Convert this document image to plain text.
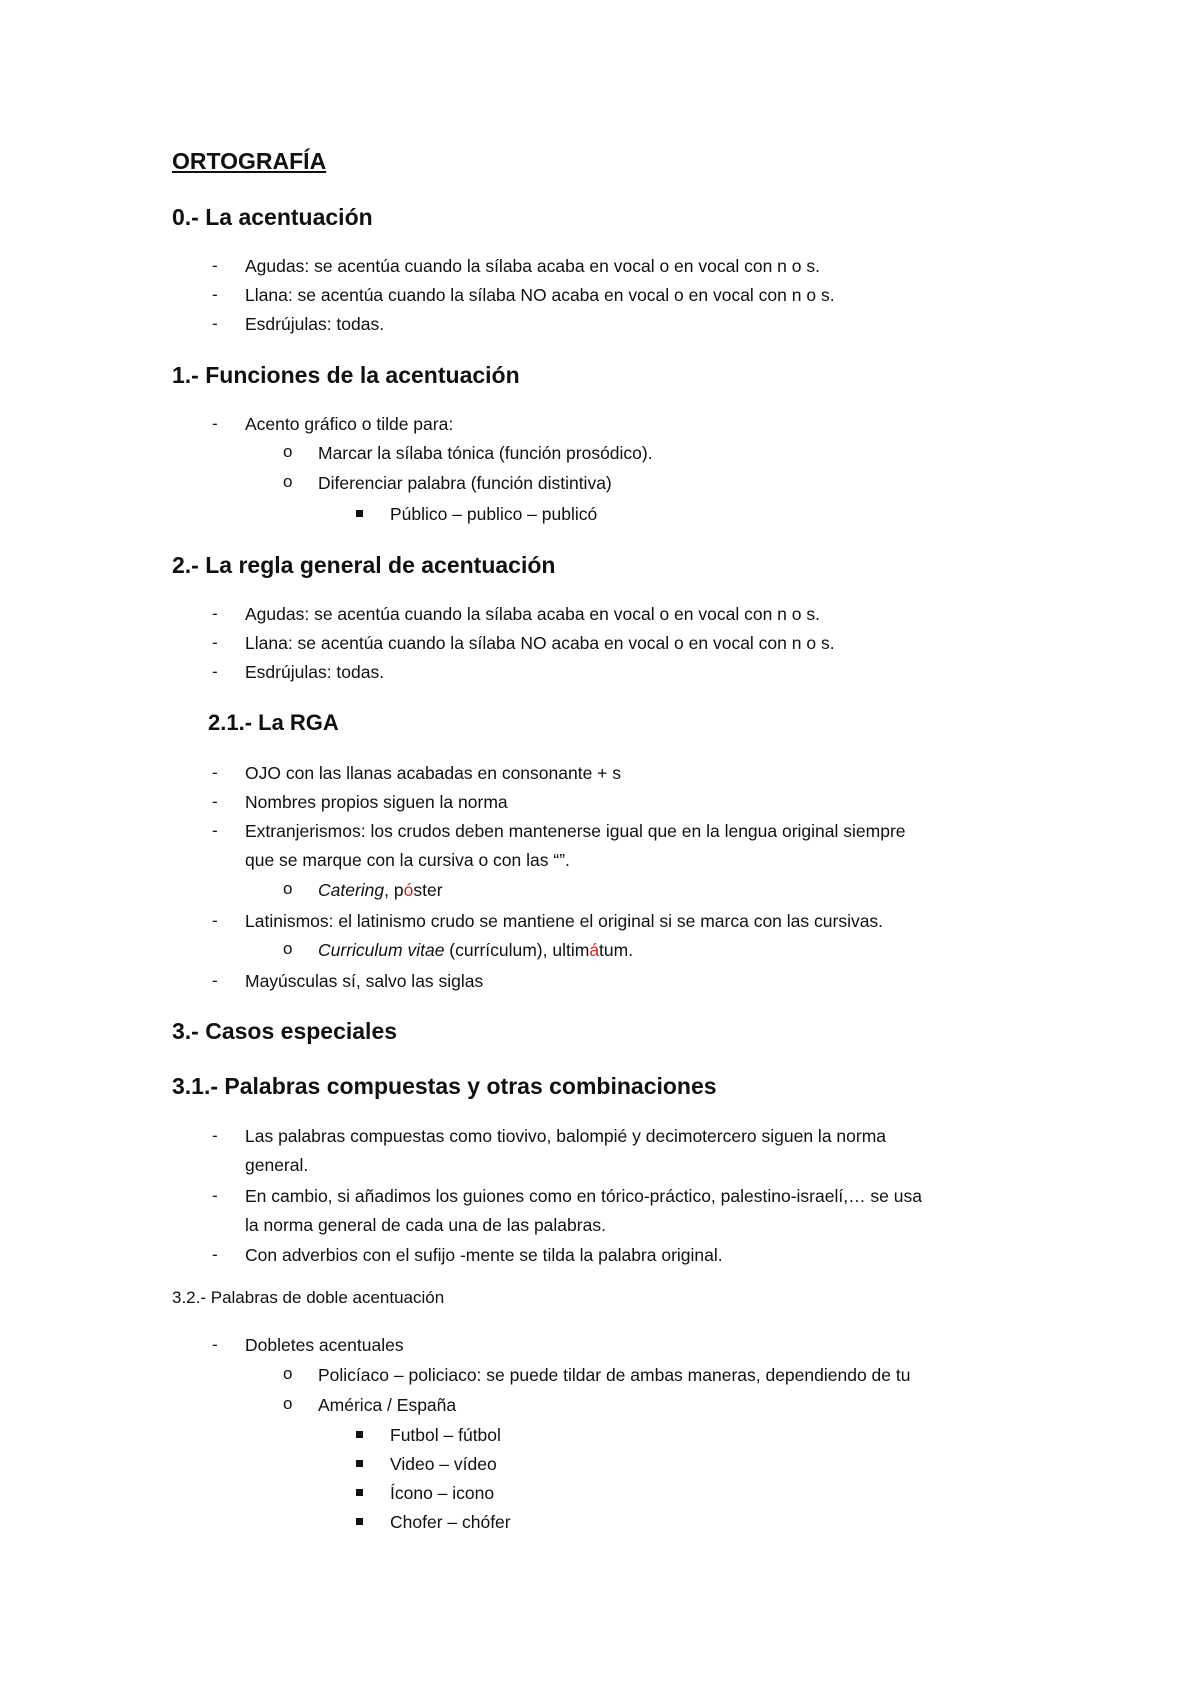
ORTOGRAFÍA
0.- La acentuación
- Agudas: se acentúa cuando la sílaba acaba en vocal o en vocal con n o s.
- Llana: se acentúa cuando la sílaba NO acaba en vocal o en vocal con n o s.
- Esdrújulas: todas.
1.- Funciones de la acentuación
- Acento gráfico o tilde para:
o Marcar la sílaba tónica (función prosódico).
o Diferenciar palabra (función distintiva)
Público – publico – publicó
2.- La regla general de acentuación
- Agudas: se acentúa cuando la sílaba acaba en vocal o en vocal con n o s.
- Llana: se acentúa cuando la sílaba NO acaba en vocal o en vocal con n o s.
- Esdrújulas: todas.
2.1.- La RGA
- OJO con las llanas acabadas en consonante + s
- Nombres propios siguen la norma
- Extranjerismos: los crudos deben mantenerse igual que en la lengua original siempre
que se marque con la cursiva o con las “”.
o Catering, póster
- Latinismos: el latinismo crudo se mantiene el original si se marca con las cursivas.
o Curriculum vitae (currículum), ultimátum.
- Mayúsculas sí, salvo las siglas
3.- Casos especiales
3.1.- Palabras compuestas y otras combinaciones
- Las palabras compuestas como tiovivo, balompié y decimotercero siguen la norma
general.
- En cambio, si añadimos los guiones como en tórico-práctico, palestino-israelí,… se usa
la norma general de cada una de las palabras.
- Con adverbios con el sufijo -mente se tilda la palabra original.
3.2.- Palabras de doble acentuación
- Dobletes acentuales
o Policíaco – policiaco: se puede tildar de ambas maneras, dependiendo de tu
o América / España
Futbol – fútbol
Video – vídeo
Ícono – icono
Chofer – chófer
